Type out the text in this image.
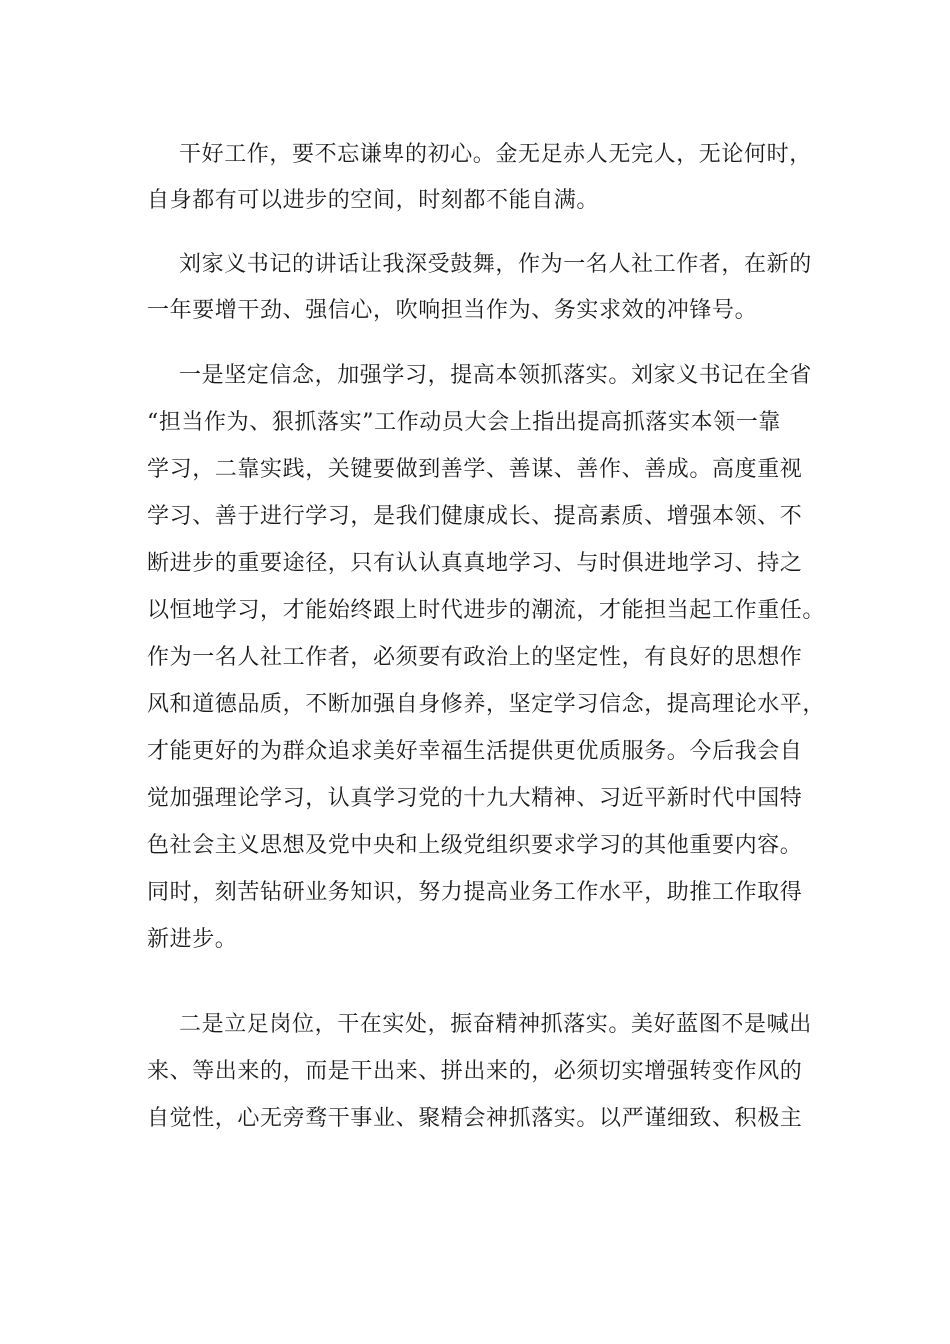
干好工作，要不忘谦卑的初心。金无足赤人无完人，无论何时，

自身都有可以进步的空间，时刻都不能自满。

刘家义书记的讲话让我深受鼓舞，作为一名人社工作者，在新的

一年要增干劲、强信心，吹响担当作为、务实求效的冲锋号。

一是坚定信念，加强学习，提高本领抓落实。刘家义书记在全省

“担当作为、狠抓落实”工作动员大会上指出提高抓落实本领一靠

学习，二靠实践，关键要做到善学、善谋、善作、善成。高度重视

学习、善于进行学习，是我们健康成长、提高素质、增强本领、不

断进步的重要途径，只有认认真真地学习、与时俱进地学习、持之

以恒地学习，才能始终跟上时代进步的潮流，才能担当起工作重任。

作为一名人社工作者，必须要有政治上的坚定性，有良好的思想作

风和道德品质，不断加强自身修养，坚定学习信念，提高理论水平，

才能更好的为群众追求美好幸福生活提供更优质服务。今后我会自

觉加强理论学习，认真学习党的十九大精神、习近平新时代中国特

色社会主义思想及党中央和上级党组织要求学习的其他重要内容。

同时，刻苦钻研业务知识，努力提高业务工作水平，助推工作取得

新进步。

二是立足岗位，干在实处，振奋精神抓落实。美好蓝图不是喊出

来、等出来的，而是干出来、拼出来的，必须切实增强转变作风的

自觉性，心无旁骛干事业、聚精会神抓落实。以严谨细致、积极主
